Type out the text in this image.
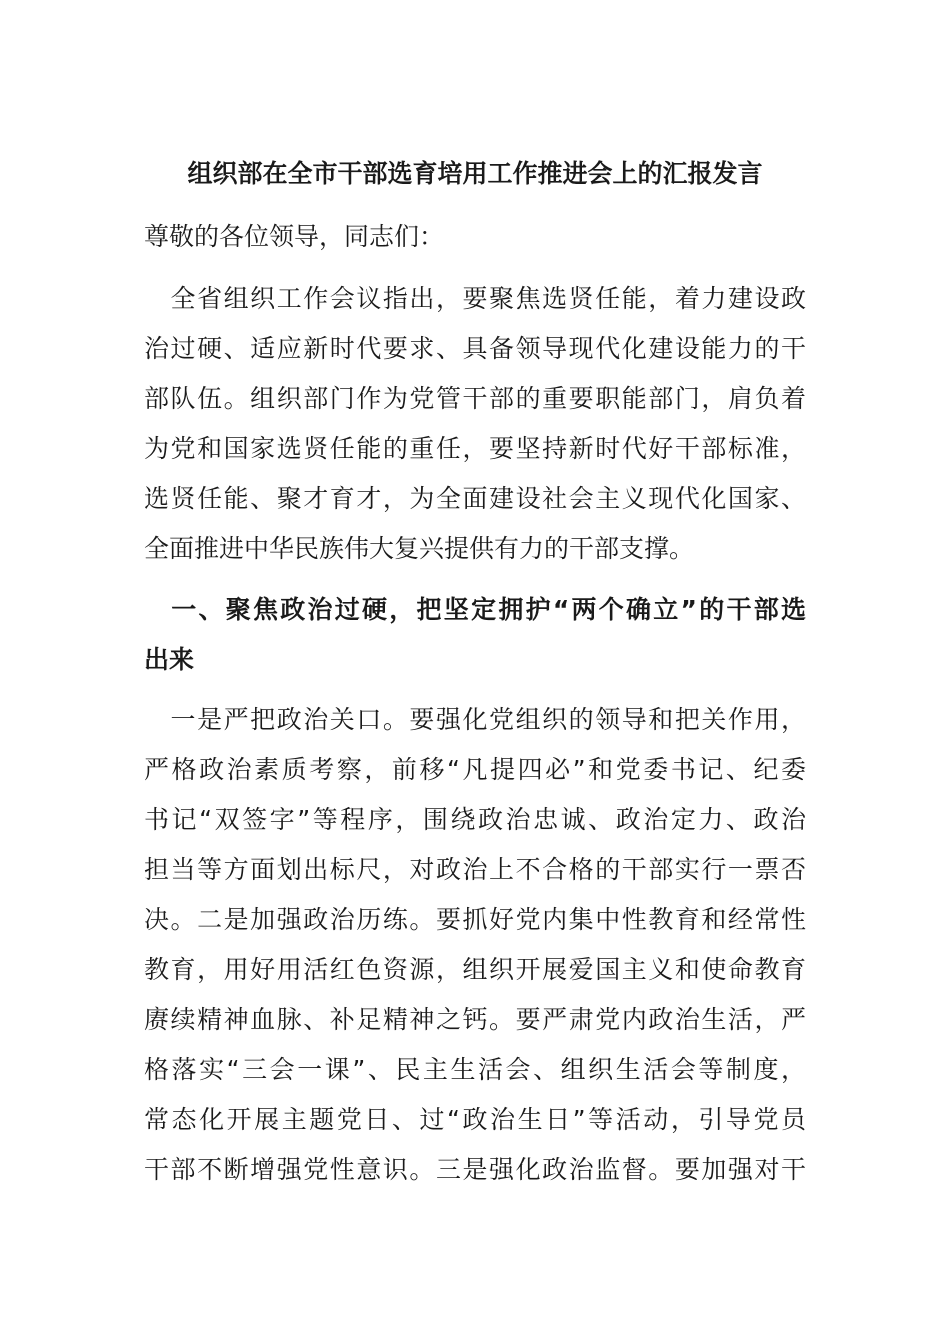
组织部在全市干部选育培用工作推进会上的汇报发言
尊敬的各位领导，同志们：
　全省组织工作会议指出，要聚焦选贤任能，着力建设政
治过硬、适应新时代要求、具备领导现代化建设能力的干
部队伍。组织部门作为党管干部的重要职能部门，肩负着
为党和国家选贤任能的重任，要坚持新时代好干部标准，
选贤任能、聚才育才，为全面建设社会主义现代化国家、
全面推进中华民族伟大复兴提供有力的干部支撑。
　一、聚焦政治过硬，把坚定拥护“两个确立”的干部选
出来
　一是严把政治关口。要强化党组织的领导和把关作用，
严格政治素质考察，前移“凡提四必”和党委书记、纪委
书记“双签字”等程序，围绕政治忠诚、政治定力、政治
担当等方面划出标尺，对政治上不合格的干部实行一票否
决。二是加强政治历练。要抓好党内集中性教育和经常性
教育，用好用活红色资源，组织开展爱国主义和使命教育
赓续精神血脉、补足精神之钙。要严肃党内政治生活，严
格落实“三会一课”、民主生活会、组织生活会等制度，
常态化开展主题党日、过“政治生日”等活动，引导党员
干部不断增强党性意识。三是强化政治监督。要加强对干
